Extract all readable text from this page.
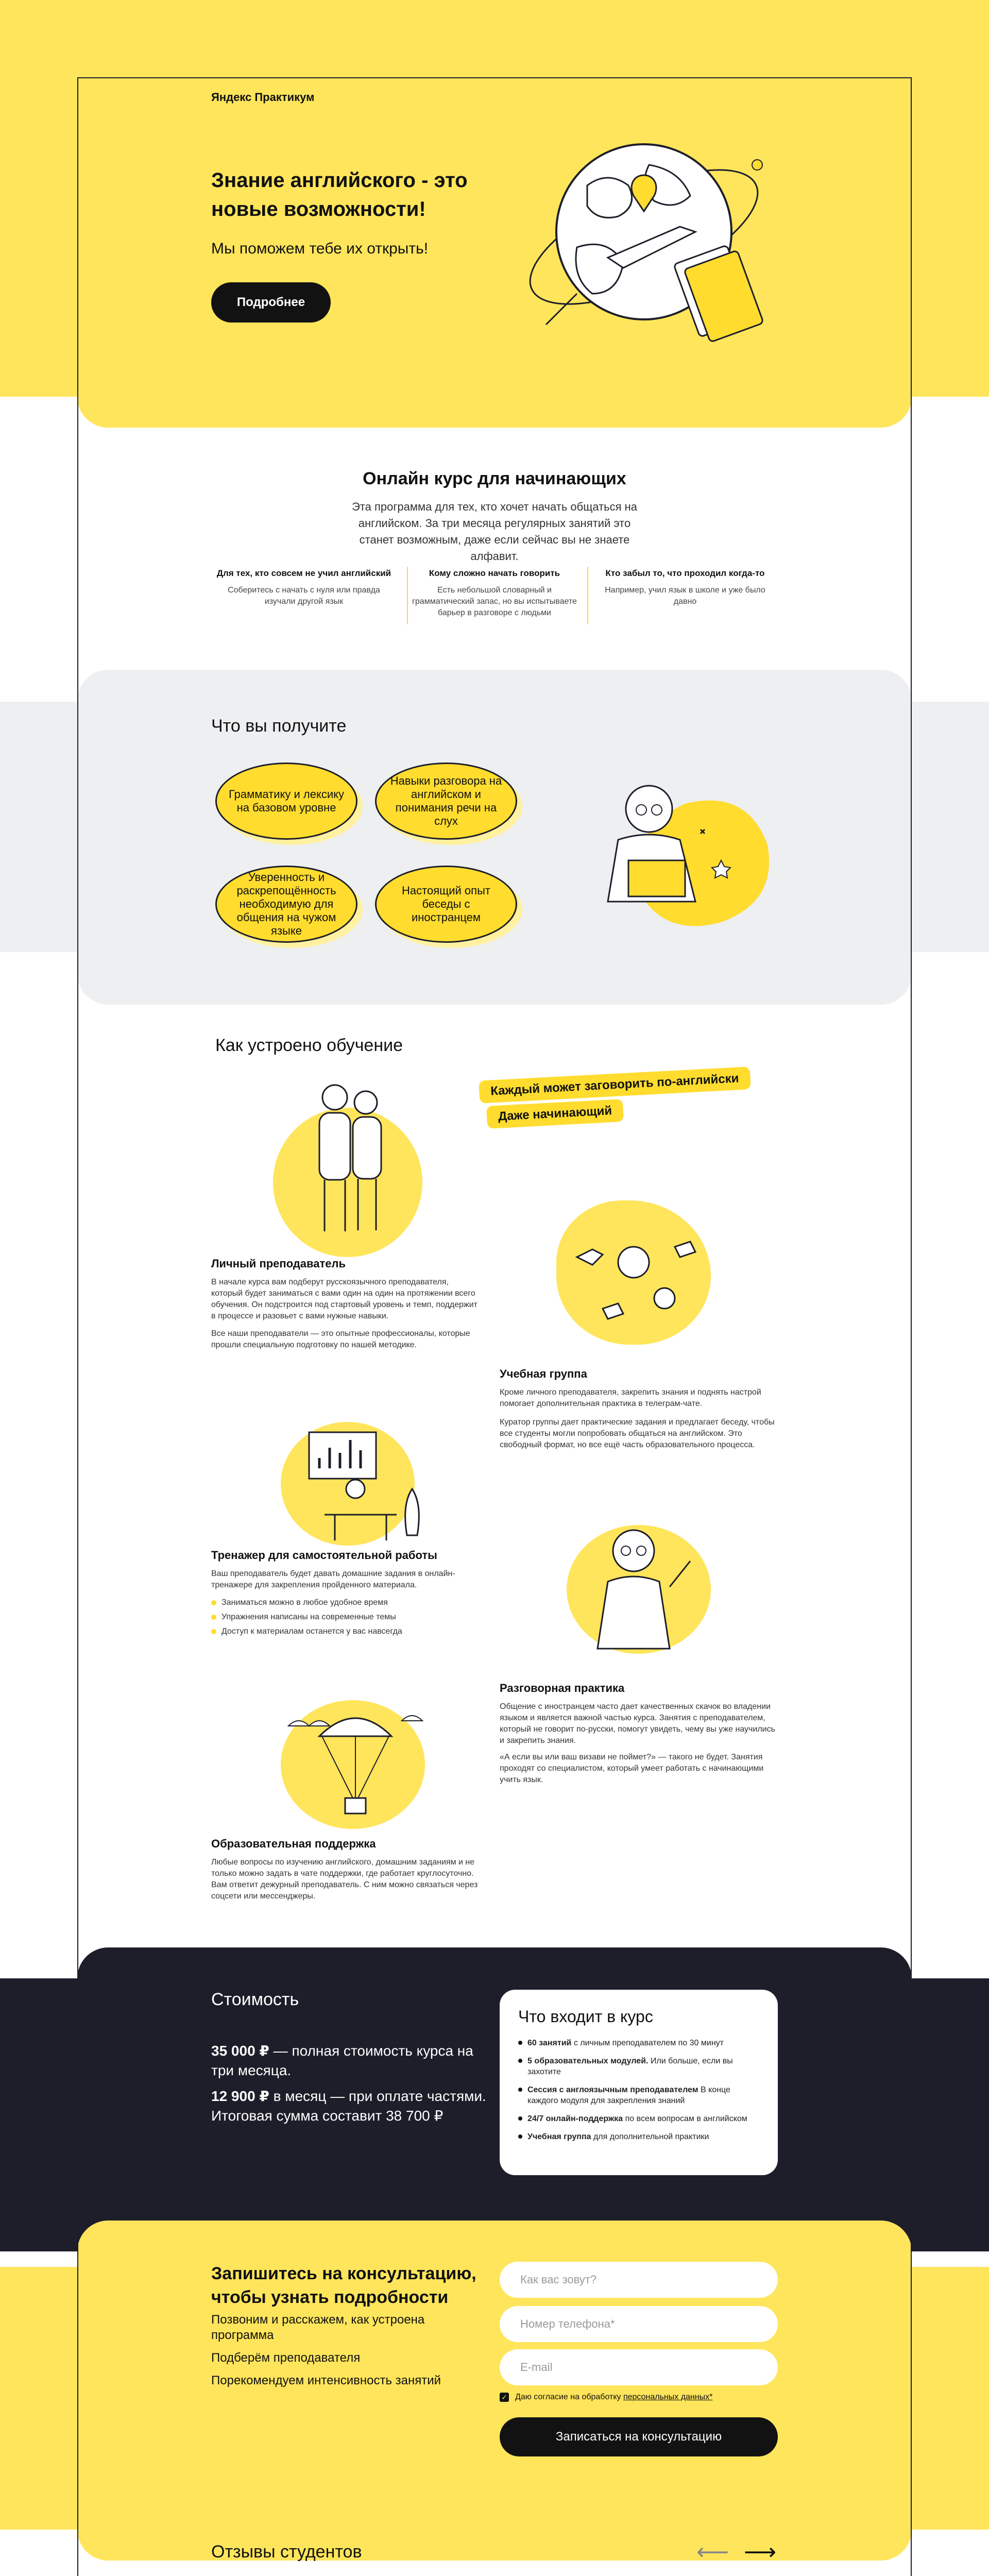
Яндекс Практикум
Знание английского - это новые возможности!
Мы поможем тебе их открыть!
Подробнее
Онлайн курс для начинающих
Эта программа для тех, кто хочет начать общаться на английском. За три месяца регулярных занятий это станет возможным, даже если сейчас вы не знаете алфавит.
Для тех, кто совсем не учил английский
Соберитесь с начать с нуля или правда изучали другой язык
Кому сложно начать говорить
Есть небольшой словарный и грамматический запас, но вы испытываете барьер в разговоре с людьми
Кто забыл то, что проходил когда-то
Например, учил язык в школе и уже было давно
Что вы получите
Грамматику и лексику на базовом уровне
Навыки разговора на английском и понимания речи на слух
Уверенность и раскрепощённость необходимую для общения на чужом языке
Настоящий опыт беседы с иностранцем
Как устроено обучение
Каждый может заговорить по-английски
Даже начинающий
Личный преподаватель
В начале курса вам подберут русскоязычного преподавателя, который будет заниматься с вами один на один на протяжении всего обучения. Он подстроится под стартовый уровень и темп, поддержит в процессе и разовьет с вами нужные навыки.
Все наши преподаватели — это опытные профессионалы, которые прошли специальную подготовку по нашей методике.
Учебная группа
Кроме личного преподавателя, закрепить знания и поднять настрой помогает дополнительная практика в телеграм-чате.
Куратор группы дает практические задания и предлагает беседу, чтобы все студенты могли попробовать общаться на английском. Это свободный формат, но все ещё часть образовательного процесса.
Тренажер для самостоятельной работы
Ваш преподаватель будет давать домашние задания в онлайн-тренажере для закрепления пройденного материала.
Заниматься можно в любое удобное время
Упражнения написаны на современные темы
Доступ к материалам останется у вас навсегда
Разговорная практика
Общение с иностранцем часто дает качественных скачок во владении языком и является важной частью курса. Занятия с преподавателем, который не говорит по-русски, помогут увидеть, чему вы уже научились и закрепить знания.
«А если вы или ваш визави не поймет?» — такого не будет. Занятия проходят со специалистом, который умеет работать с начинающими учить язык.
Образовательная поддержка
Любые вопросы по изучению английского, домашним заданиям и не только можно задать в чате поддержки, где работает круглосуточно. Вам ответит дежурный преподаватель. С ним можно связаться через соцсети или мессенджеры.
Стоимость
35 000 ₽ — полная стоимость курса на три месяца.
12 900 ₽ в месяц — при оплате частями. Итоговая сумма составит 38 700 ₽
Что входит в курс
60 занятий с личным преподавателем по 30 минут
5 образовательных модулей. Или больше, если вы захотите
Сессия с англоязычным преподавателем В конце каждого модуля для закрепления знаний
24/7 онлайн-поддержка по всем вопросам в английском
Учебная группа для дополнительной практики
Запишитесь на консультацию, чтобы узнать подробности
Позвоним и расскажем, как устроена программа
Подберём преподавателя
Порекомендуем интенсивность занятий
Как вас зовут?
Номер телефона*
E-mail
✓ Даю согласие на обработку персональных данных*
Записаться на консультацию
Отзывы студентов	⟵ ⟶
